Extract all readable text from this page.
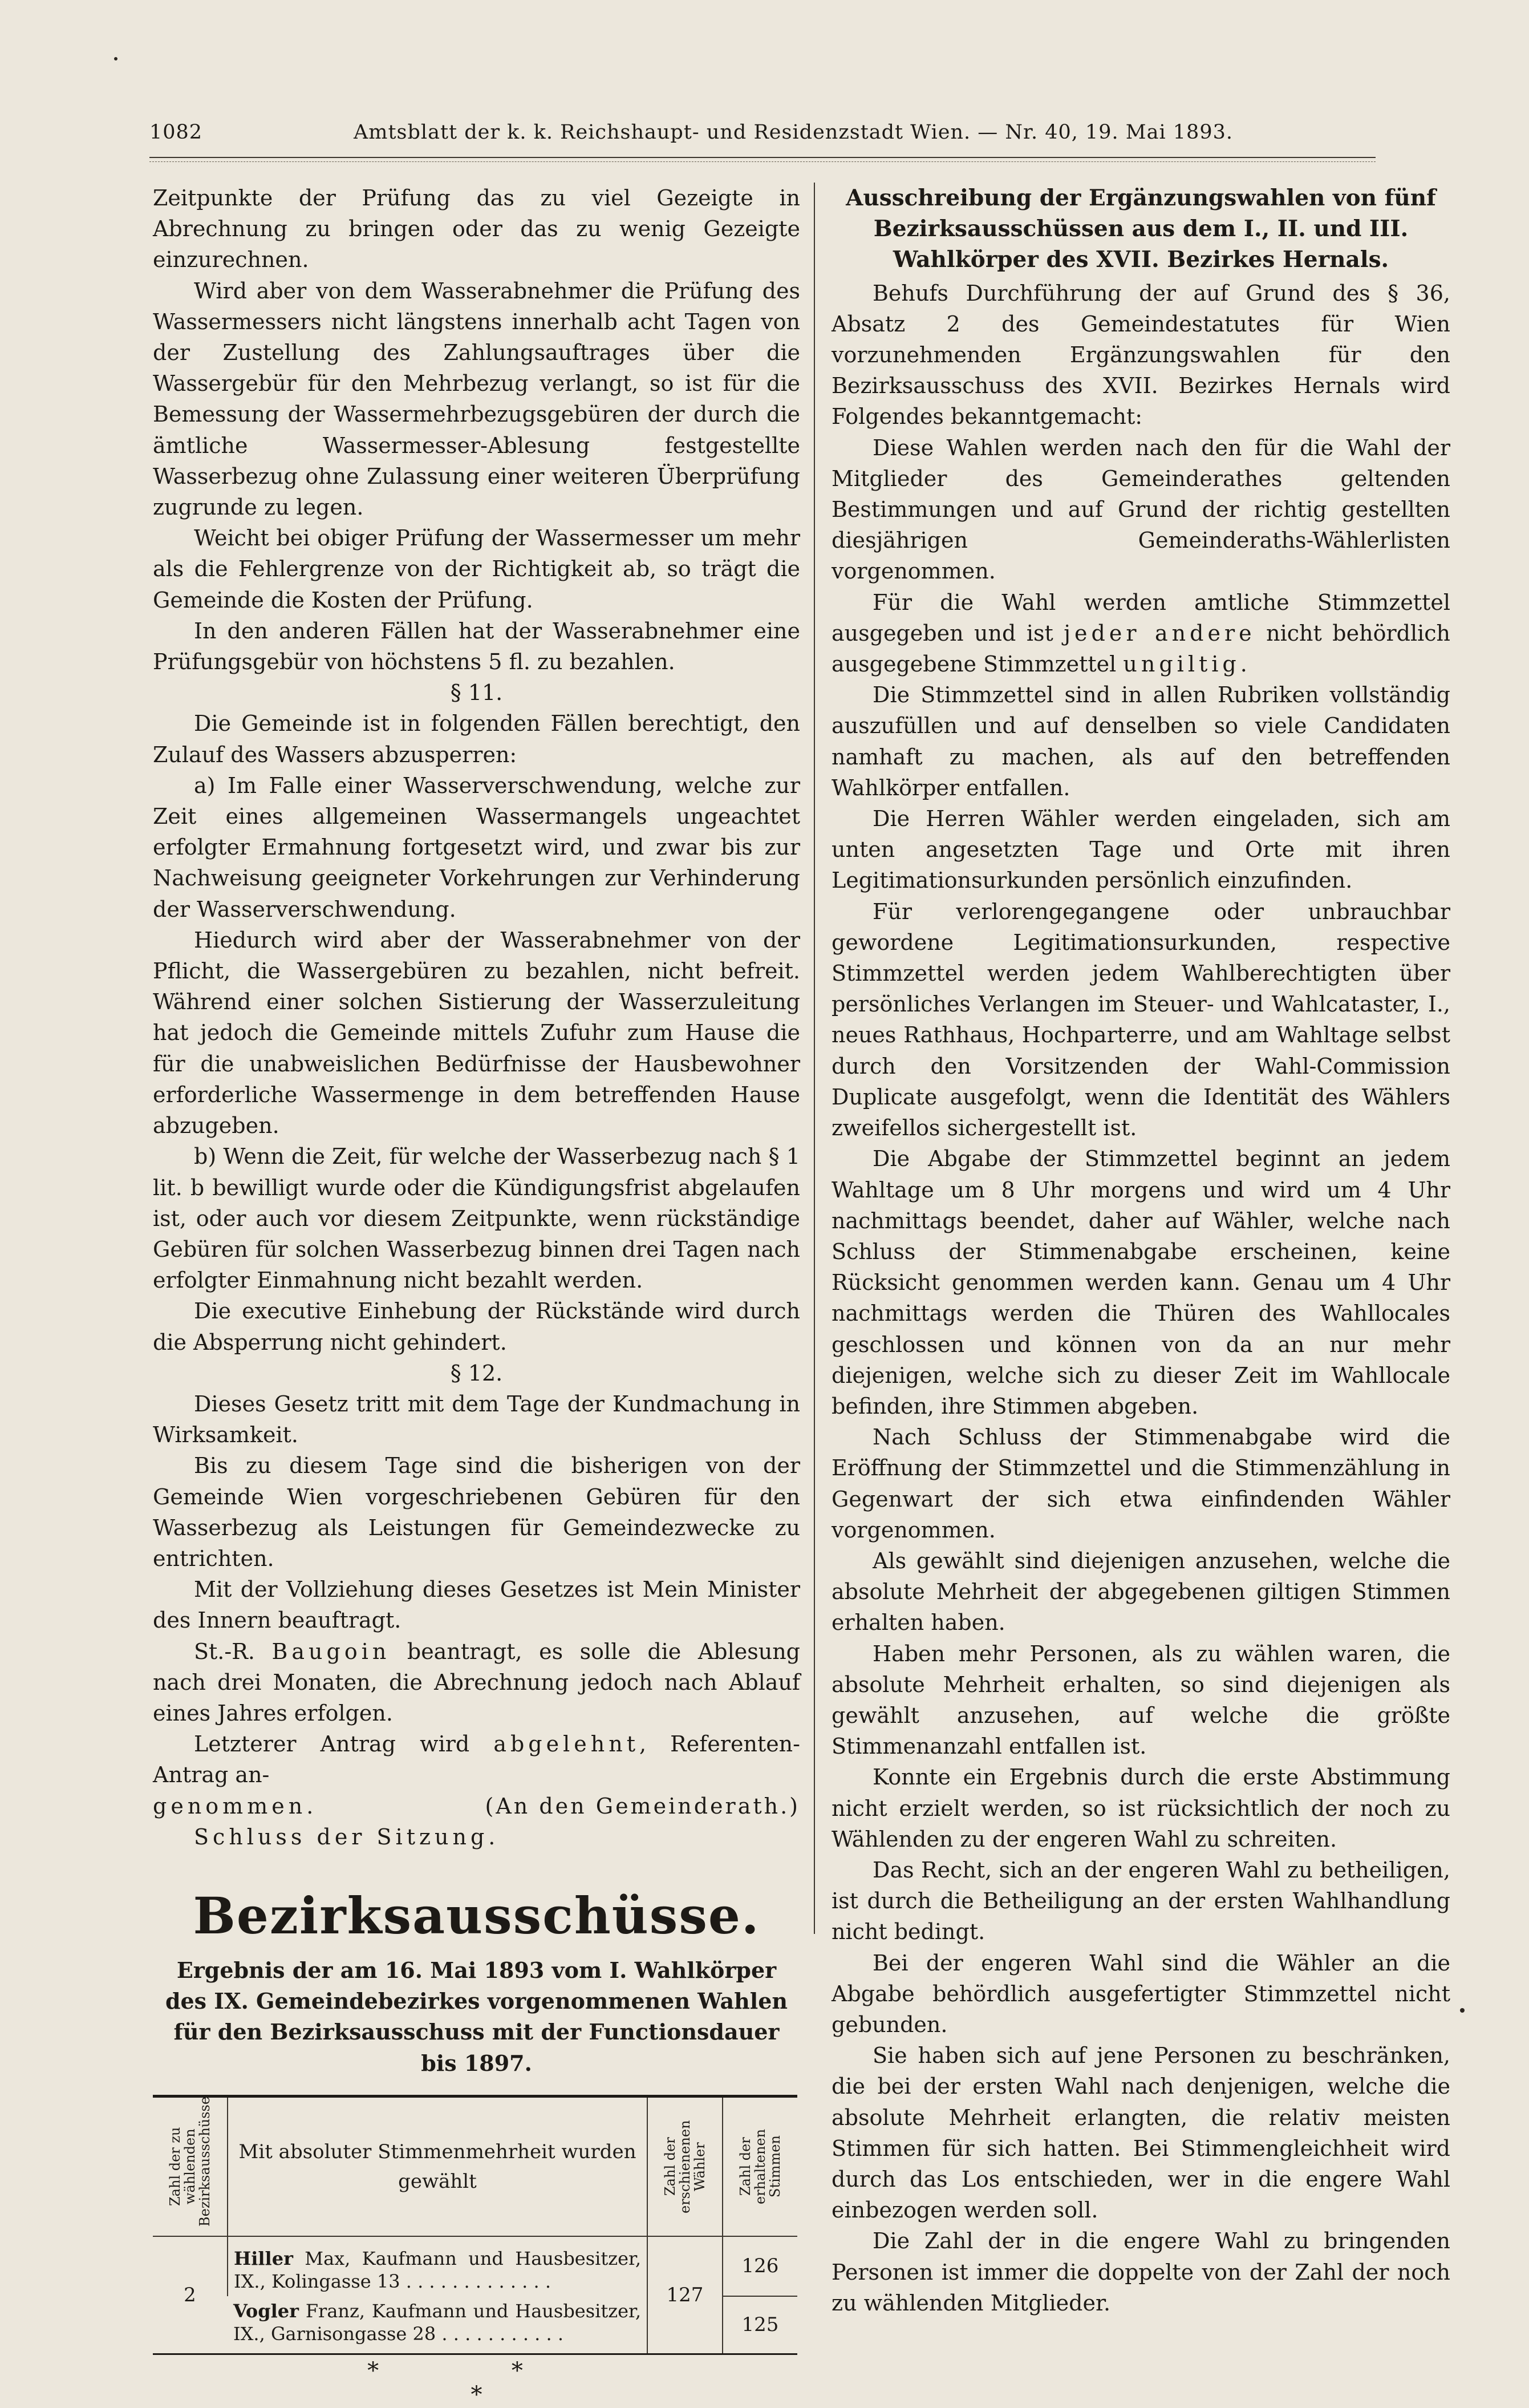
1082	Amtsblatt der k. k. Reichshaupt- und Residenzstadt Wien. — Nr. 40, 19. Mai 1893.

Zeitpunkte der Prüfung das zu viel Gezeigte in Abrechnung zu bringen oder das zu wenig Gezeigte einzurechnen.

Wird aber von dem Wasserabnehmer die Prüfung des Wassermessers nicht längstens innerhalb acht Tagen von der Zustellung des Zahlungsauftrages über die Wassergebür für den Mehrbezug verlangt, so ist für die Bemessung der Wassermehrbezugsgebüren der durch die ämtliche Wassermesser-Ablesung festgestellte Wasserbezug ohne Zulassung einer weiteren Überprüfung zugrunde zu legen.

Weicht bei obiger Prüfung der Wassermesser um mehr als die Fehlergrenze von der Richtigkeit ab, so trägt die Gemeinde die Kosten der Prüfung.

In den anderen Fällen hat der Wasserabnehmer eine Prüfungsgebür von höchstens 5 fl. zu bezahlen.

§ 11.

Die Gemeinde ist in folgenden Fällen berechtigt, den Zulauf des Wassers abzusperren:

a) Im Falle einer Wasserverschwendung, welche zur Zeit eines allgemeinen Wassermangels ungeachtet erfolgter Ermahnung fortgesetzt wird, und zwar bis zur Nachweisung geeigneter Vorkehrungen zur Verhinderung der Wasserverschwendung.

Hiedurch wird aber der Wasserabnehmer von der Pflicht, die Wassergebüren zu bezahlen, nicht befreit. Während einer solchen Sistierung der Wasserzuleitung hat jedoch die Gemeinde mittels Zufuhr zum Hause die für die unabweislichen Bedürfnisse der Hausbewohner erforderliche Wassermenge in dem betreffenden Hause abzugeben.

b) Wenn die Zeit, für welche der Wasserbezug nach § 1 lit. b bewilligt wurde oder die Kündigungsfrist abgelaufen ist, oder auch vor diesem Zeitpunkte, wenn rückständige Gebüren für solchen Wasserbezug binnen drei Tagen nach erfolgter Einmahnung nicht bezahlt werden.

Die executive Einhebung der Rückstände wird durch die Absperrung nicht gehindert.

§ 12.

Dieses Gesetz tritt mit dem Tage der Kundmachung in Wirksamkeit.

Bis zu diesem Tage sind die bisherigen von der Gemeinde Wien vorgeschriebenen Gebüren für den Wasserbezug als Leistungen für Gemeindezwecke zu entrichten.

Mit der Vollziehung dieses Gesetzes ist Mein Minister des Innern beauftragt.

St.-R. Baugoin beantragt, es solle die Ablesung nach drei Monaten, die Abrechnung jedoch nach Ablauf eines Jahres erfolgen.

Letzterer Antrag wird abgelehnt, Referenten-Antrag an-

genommen.	(An den Gemeinderath.)

Schluss der Sitzung.

Bezirksausschüsse.
Ergebnis der am 16. Mai 1893 vom I. Wahlkörper des IX. Gemeindebezirkes vorgenommenen Wahlen für den Bezirksausschuss mit der Functionsdauer bis 1897.
Zahl der zu wählenden Bezirksausschüsse	Mit absoluter Stimmenmehrheit wurden gewählt	Zahl der erschienenen Wähler	Zahl der erhaltenen Stimmen

2	Hiller Max, Kaufmann und Hausbesitzer, IX., Kolingasse 13 . . . . . . . . . . . . .	127	126

	Vogler Franz, Kaufmann und Hausbesitzer, IX., Garnisongasse 28 . . . . . . . . . . .		125
* *
*
Ausschreibung der Ergänzungswahlen von fünf Bezirksausschüssen aus dem I., II. und III. Wahlkörper des XVII. Bezirkes Hernals.

Behufs Durchführung der auf Grund des § 36, Absatz 2 des Gemeindestatutes für Wien vorzunehmenden Ergänzungswahlen für den Bezirksausschuss des XVII. Bezirkes Hernals wird Folgendes bekanntgemacht:

Diese Wahlen werden nach den für die Wahl der Mitglieder des Gemeinderathes geltenden Bestimmungen und auf Grund der richtig gestellten diesjährigen Gemeinderaths-Wählerlisten vorgenommen.

Für die Wahl werden amtliche Stimmzettel ausgegeben und ist jeder andere nicht behördlich ausgegebene Stimmzettel ungiltig.

Die Stimmzettel sind in allen Rubriken vollständig auszufüllen und auf denselben so viele Candidaten namhaft zu machen, als auf den betreffenden Wahlkörper entfallen.

Die Herren Wähler werden eingeladen, sich am unten angesetzten Tage und Orte mit ihren Legitimationsurkunden persönlich einzufinden.

Für verlorengegangene oder unbrauchbar gewordene Legitimationsurkunden, respective Stimmzettel werden jedem Wahlberechtigten über persönliches Verlangen im Steuer- und Wahlcataster, I., neues Rathhaus, Hochparterre, und am Wahltage selbst durch den Vorsitzenden der Wahl-Commission Duplicate ausgefolgt, wenn die Identität des Wählers zweifellos sichergestellt ist.

Die Abgabe der Stimmzettel beginnt an jedem Wahltage um 8 Uhr morgens und wird um 4 Uhr nachmittags beendet, daher auf Wähler, welche nach Schluss der Stimmenabgabe erscheinen, keine Rücksicht genommen werden kann. Genau um 4 Uhr nachmittags werden die Thüren des Wahllocales geschlossen und können von da an nur mehr diejenigen, welche sich zu dieser Zeit im Wahllocale befinden, ihre Stimmen abgeben.

Nach Schluss der Stimmenabgabe wird die Eröffnung der Stimmzettel und die Stimmenzählung in Gegenwart der sich etwa einfindenden Wähler vorgenommen.

Als gewählt sind diejenigen anzusehen, welche die absolute Mehrheit der abgegebenen giltigen Stimmen erhalten haben.

Haben mehr Personen, als zu wählen waren, die absolute Mehrheit erhalten, so sind diejenigen als gewählt anzusehen, auf welche die größte Stimmenanzahl entfallen ist.

Konnte ein Ergebnis durch die erste Abstimmung nicht erzielt werden, so ist rücksichtlich der noch zu Wählenden zu der engeren Wahl zu schreiten.

Das Recht, sich an der engeren Wahl zu betheiligen, ist durch die Betheiligung an der ersten Wahlhandlung nicht bedingt.

Bei der engeren Wahl sind die Wähler an die Abgabe behördlich ausgefertigter Stimmzettel nicht gebunden.

Sie haben sich auf jene Personen zu beschränken, die bei der ersten Wahl nach denjenigen, welche die absolute Mehrheit erlangten, die relativ meisten Stimmen für sich hatten. Bei Stimmengleichheit wird durch das Los entschieden, wer in die engere Wahl einbezogen werden soll.

Die Zahl der in die engere Wahl zu bringenden Personen ist immer die doppelte von der Zahl der noch zu wählenden Mitglieder.
